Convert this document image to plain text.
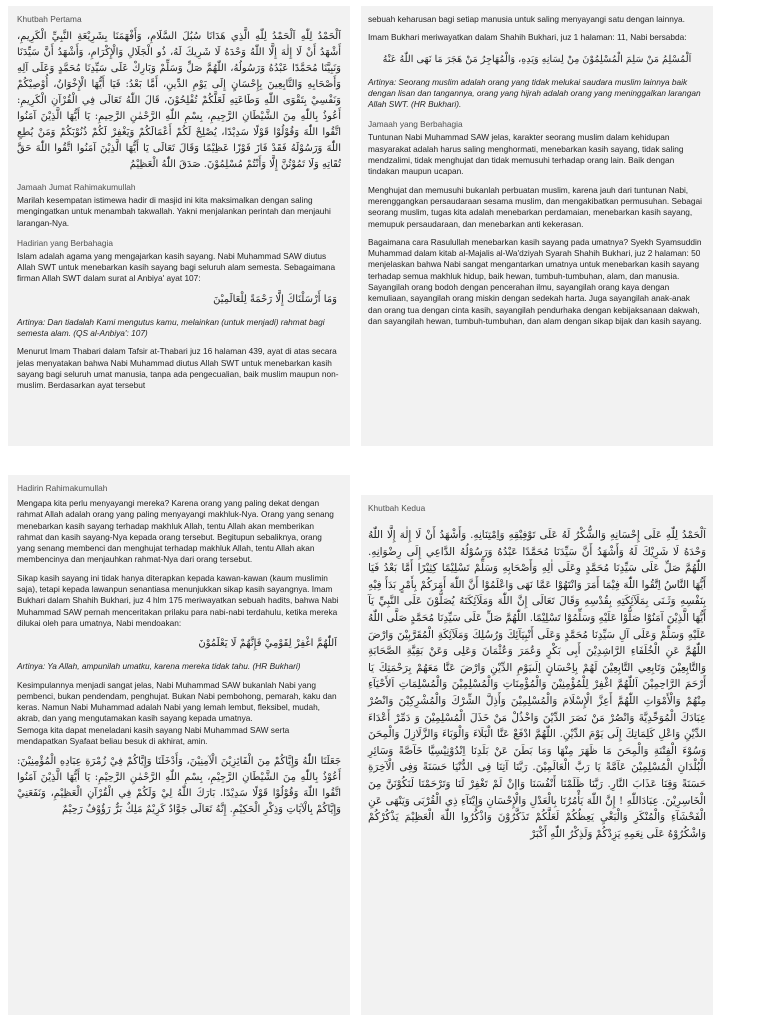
Khutbah Pertama
اَلْحَمْدُ لِلّٰهِ اَلْحَمْدُ لِلّٰهِ الَّذِي هَدَانَا سُبُلَ السَّلَامِ، وَأَفْهَمَنَا بِشَرِيْعَةِ النَّبِيِّ الْكَرِيمِ، أَشْهَدُ أَنْ لَا إِلٰهَ إِلَّا اللّٰهُ وَحْدَهُ لَا شَرِيكَ لَهُ، ذُو الْجَلَالِ وَالْإِكْرَامِ، وَأَشْهَدُ أَنَّ سَيِّدَنَا وَنَبِيَّنَا مُحَمَّدًا عَبْدُهُ وَرَسُولُهُ، اللّٰهُمَّ صَلِّ وَسَلِّمْ وَبَارِكْ عَلَى سَيِّدِنَا مُحَمَّدٍ وَعَلَى آلِهِ وَأَصْحَابِهِ وَالتَّابِعِينَ بِإِحْسَانٍ إِلَى يَوْمِ الدِّينِ، أَمَّا بَعْدُ: فَيَا أَيُّهَا الْإِخْوَانُ، أُوْصِيْكُمْ وَنَفْسِيْ بِتَقْوَى اللّٰهِ وَطَاعَتِهِ لَعَلَّكُمْ تُفْلِحُوْنَ، قَالَ اللّٰهُ تَعَالَى فِي الْقُرْآنِ الْكَرِيمِ: أَعُوذُ بِاللّٰهِ مِنَ الشَّيْطَانِ الرَّجِيمِ، بِسْمِ اللّٰهِ الرَّحْمٰنِ الرَّحِيمِ: يَا أَيُّهَا الَّذِيْنَ آمَنُوا اتَّقُوا اللّٰهَ وَقُوْلُوْا قَوْلًا سَدِيْدًا، يُصْلِحْ لَكُمْ أَعْمَالَكُمْ وَيَغْفِرْ لَكُمْ ذُنُوْبَكُمْ وَمَنْ يُطِعِ اللّٰهَ وَرَسُوْلَهُ فَقَدْ فَازَ فَوْزًا عَظِيْمًا وَقَالَ تَعَالَى يَا أَيُّهَا الَّذِيْنَ آمَنُوا اتَّقُوا اللّٰهَ حَقَّ تُقَاتِهِ وَلَا تَمُوْتُنَّ إِلَّا وَأَنْتُمْ مُسْلِمُوْنَ. صَدَقَ اللّٰهُ الْعَظِيْمُ
Jamaah Jumat Rahimakumullah

Marilah kesempatan istimewa hadir di masjid ini kita maksimalkan dengan saling mengingatkan untuk menambah takwallah. Yakni menjalankan perintah dan menjauhi larangan-Nya.

Hadirian yang Berbahagia

Islam adalah agama yang mengajarkan kasih sayang. Nabi Muhammad SAW diutus Allah SWT untuk menebarkan kasih sayang bagi seluruh alam semesta. Sebagaimana firman Allah SWT dalam surat al Anbiya' ayat 107:

وَمَا أَرْسَلْنَاكَ إِلَّا رَحْمَةً لِلْعَالَمِيْنَ

Artinya: Dan tiadalah Kami mengutus kamu, melainkan (untuk menjadi) rahmat bagi semesta alam. (QS al-Anbiya': 107)

Menurut Imam Thabari dalam Tafsir at-Thabari juz 16 halaman 439, ayat di atas secara jelas menyatakan bahwa Nabi Muhammad diutus Allah SWT untuk menebarkan kasih sayang bagi seluruh umat manusia, tanpa ada pengecualian, baik muslim maupun non-muslim. Berdasarkan ayat tersebut

sebuah keharusan bagi setiap manusia untuk saling menyayangi satu dengan lainnya.

Imam Bukhari meriwayatkan dalam Shahih Bukhari, juz 1 halaman: 11, Nabi bersabda:

اَلْمُسْلِمُ مَنْ سَلِمَ الْمُسْلِمُوْنَ مِنْ لِسَانِهِ وَيَدِهِ، وَالْمُهَاجِرُ مَنْ هَجَرَ مَا نَهَى اللّٰهُ عَنْهُ

Artinya: Seorang muslim adalah orang yang tidak melukai saudara muslim lainnya baik dengan lisan dan tangannya, orang yang hijrah adalah orang yang meninggalkan larangan Allah SWT. (HR Bukhari).

Jamaah yang Berbahagia

Tuntunan Nabi Muhammad SAW jelas, karakter seorang muslim dalam kehidupan masyarakat adalah harus saling menghormati, menebarkan kasih sayang, tidak saling mendzalimi, tidak menghujat dan tidak memusuhi terhadap orang lain. Baik dengan tindakan maupun ucapan.

Menghujat dan memusuhi bukanlah perbuatan muslim, karena jauh dari tuntunan Nabi, merenggangkan persaudaraan sesama muslim, dan mengakibatkan permusuhan. Sebagai seorang muslim, tugas kita adalah menebarkan perdamaian, menebarkan kasih sayang, memupuk persaudaraan, dan menebarkan anti kekerasan.

Bagaimana cara Rasulullah menebarkan kasih sayang pada umatnya? Syekh Syamsuddin Muhammad dalam kitab al-Majalis al-Wa'dziyah Syarah Shahih Bukhari, juz 2 halaman: 50 menjelaskan bahwa Nabi sangat mengantarkan umatnya untuk menebarkan kasih sayang terhadap semua makhluk hidup, baik hewan, tumbuh-tumbuhan, alam, dan manusia. Sayangilah orang bodoh dengan pencerahan ilmu, sayangilah orang kaya dengan kemuliaan, sayangilah orang miskin dengan sedekah harta. Juga sayangilah anak-anak dan orang tua dengan cinta kasih, sayangilah pendurhaka dengan kebijaksanaan dakwah, dan sayangilah hewan, tumbuh-tumbuhan, dan alam dengan sikap bijak dan kasih sayang.

Hadirin Rahimakumullah

Mengapa kita perlu menyayangi mereka? Karena orang yang paling dekat dengan rahmat Allah adalah orang yang paling menyayangi makhluk-Nya. Orang yang senang menebarkan kasih sayang terhadap makhluk Allah, tentu Allah akan memberikan rahmat dan kasih sayang-Nya kepada orang tersebut. Begitupun sebaliknya, orang yang senang membenci dan menghujat terhadap makhluk Allah, tentu Allah akan membencinya dan menjauhkan rahmat-Nya dari orang tersebut.

Sikap kasih sayang ini tidak hanya diterapkan kepada kawan-kawan (kaum muslimin saja), tetapi kepada lawanpun senantiasa menunjukkan sikap kasih sayangnya. Imam Bukhari dalam Shahih Bukhari, juz 4 hlm 175 meriwayatkan sebuah hadits, bahwa Nabi Muhammad SAW pernah menceritakan prilaku para nabi-nabi terdahulu, ketika mereka dilukai oleh para umatnya, Nabi mendoakan:

اَللّٰهُمَّ اغْفِرْ لِقَوْمِيْ فَإِنَّهُمْ لَا يَعْلَمُوْنَ

Artinya: Ya Allah, ampunilah umatku, karena mereka tidak tahu. (HR Bukhari)

Kesimpulannya menjadi sangat jelas, Nabi Muhammad SAW bukanlah Nabi yang pembenci, bukan pendendam, penghujat. Bukan Nabi pembohong, pemarah, kaku dan keras. Namun Nabi Muhammad adalah Nabi yang lemah lembut, fleksibel, mudah, akrab, dan yang mengutamakan kasih sayang kepada umatnya.

Semoga kita dapat meneladani kasih sayang Nabi Muhammad SAW serta mendapatkan Syafaat beliau besuk di akhirat, amin.

جَعَلَنَا اللّٰهُ وَإِيَّاكُمْ مِنَ الْفَائِزِيْنَ الْآمِنِيْنَ، وَأَدْخَلَنَا وَإِيَّاكُمْ فِيْ زُمْرَةِ عِبَادِهِ الْمُؤْمِنِيْنَ: أَعُوْذُ بِاللّٰهِ مِنَ الشَّيْطَانِ الرَّجِيْمِ، بِسْمِ اللّٰهِ الرَّحْمٰنِ الرَّحِيْمِ: يَا أَيُّهَا الَّذِيْنَ آمَنُوا اتَّقُوا اللّٰهَ وَقُوْلُوْا قَوْلًا سَدِيْدًا. بَارَكَ اللّٰهُ لِيْ وَلَكُمْ فِي الْقُرْآنِ الْعَظِيْمِ، وَنَفَعَنِيْ وَإِيَّاكُمْ بِالْآيَاتِ وَذِكْرِ الْحَكِيْمِ. إِنَّهُ تَعَالَى جَوَّادٌ كَرِيْمٌ مَلِكٌ بَرٌّ رَؤُوْفٌ رَحِيْمٌ
Khutbah Kedua
اَلْحَمْدُ لِلّٰهِ عَلَى إِحْسَانِهِ وَالشُّكْرُ لَهُ عَلَى تَوْفِيْقِهِ وَاِمْتِنَانِهِ. وَأَشْهَدُ أَنْ لَا إِلٰهَ إِلَّا اللّٰهُ وَحْدَهُ لَا شَرِيْكَ لَهُ وَأَشْهَدُ أَنَّ سَيِّدَنَا مُحَمَّدًا عَبْدُهُ وَرَسُوْلُهُ الدَّاعِي إِلَى رِضْوَانِهِ. اللّٰهُمَّ صَلِّ عَلَى سَيِّدِنَا مُحَمَّدٍ وِعَلَى اٰلِهِ وَأَصْحَابِهِ وَسَلِّمْ تَسْلِيْمًا كِثِيْرًا أَمَّا بَعْدُ فَيَا أَيُّهَا النَّاسُ اِتَّقُوا اللّٰهَ فِيْمَا أَمَرَ وَانْتَهُوْا عَمَّا نَهَى وَاعْلَمُوْا أَنَّ اللّٰهَ أَمَرَكُمْ بِأَمْرٍ بَدَأَ فِيْهِ بِنَفْسِهِ وَثَـنَى بِمَلَآئِكَتِهِ بِقُدْسِهِ وَقَالَ تَعَالَى إِنَّ اللّٰهَ وَمَلَآئِكَتَهُ يُصَلُّوْنَ عَلَى النَّبِيِّ يَآ أَيُّهَا الَّذِيْنَ آمَنُوْا صَلُّوْا عَلَيْهِ وَسَلِّمُوْا تَسْلِيْمًا. اللّٰهُمَّ صَلِّ عَلَى سَيِّدِنَا مُحَمَّدٍ صَلَّى اللّٰهُ عَلَيْهِ وَسَلِّمْ وَعَلَى آلِ سَيِّدِنَا مُحَمَّدٍ وَعَلَى أَنْبِيَآئِكَ وَرُسُلِكَ وَمَلَآئِكَةِ الْمُقَرَّبِيْنَ وَارْضَ اللّٰهُمَّ عَنِ الْخُلَفَاءِ الرَّاشِدِيْنَ أَبِى بَكْرٍ وَعُمَرَ وَعُثْمَانَ وَعَلِى وَعَنْ بَقِيَّةِ الصَّحَابَةِ وَالتَّابِعِيْنَ وَتَابِعِي التَّابِعِيْنَ لَهُمْ بِاِحْسَانٍ اِلَىيَوْمِ الدِّيْنِ وَارْضَ عَنَّا مَعَهُمْ بِرَحْمَتِكَ يَا أَرْحَمَ الرَّاحِمِيْنَ اَللّٰهُمَّ اغْفِرْ لِلْمُؤْمِنِيْنَ وَالْمُؤْمِنَاتِ وَالْمُسْلِمِيْنَ وَالْمُسْلِمَاتِ اَلأَحْيَآءِ مِنْهُمْ وَالْأَمْوَاتِ اللّٰهُمَّ أَعِزَّ الْإِسْلَامَ وَالْمُسْلِمِيْنَ وَأَذِلَّ الشِّرْكَ وَالْمُشْرِكِيْنَ وَانْصُرْ عِبَادَكَ الْمُوَحِّدِيَّةَ وَانْصُرْ مَنْ نَصَرَ الدِّيْنَ وَاخْذُلْ مَنْ خَذَلَ الْمُسْلِمِيْنَ وَ دَمِّرْ أَعْدَاءَ الدِّيْنِ وَاعْلِ كَلِمَاتِكَ إِلَى يَوْمَ الدِّيْنِ. اللّٰهُمَّ ادْفَعْ عَنَّا الْبَلَاءَ وَالْوَبَاءَ وَالزَّلَازِلَ وَالْمِحَنَ وَسُوْءَ الْفِتْنَةِ وَالْمِحَنَ مَا ظَهَرَ مِنْهَا وَمَا بَطَنَ عَنْ بَلَدِنَا اِنْدُوْنِيْسِيَّا خَآصَّةً وَسَائِرِ الْبُلْدَانِ الْمُسْلِمِيْنَ عَآمَّةً يَا رَبَّ الْعَالَمِيْنَ. رَبَّنَا آتِنَا فِى الدُّنْيَا حَسَنَةً وَفِى الْآخِرَةِ حَسَنَةً وَقِنَا عَذَابَ النَّارِ. رَبَّنَا ظَلَمْنَا أَنْفُسَنَا وَاإنْ لَمْ تَغْفِرْ لَنَا وَتَرْحَمْنَا لَنَكُوْنَنَّ مِنَ الْخَاسِرِيْنَ. عِبَادَاللّٰهِ ! إِنَّ اللّٰهَ يَأْمُرُنَا بِالْعَدْلِ وَالْإِحْسَانِ وَإِيْتَآءِ ذِي الْقُرْبَى وَيَنْهَى عَنِ الْفَحْشَآءِ وَالْمُنْكَرِ وَالْبَغْيِ يَعِظُكُمْ لَعَلَّكُمْ تَذَكَّرُوْنَ وَاذْكُرُوا اللّٰهَ الْعَظِيْمَ يَذْكُرْكُمْ وَاشْكُرُوْهُ عَلَى نِعَمِهِ يَزِدْكُمْ وَلَذِكْرُ اللّٰهِ أَكْبَرْ
